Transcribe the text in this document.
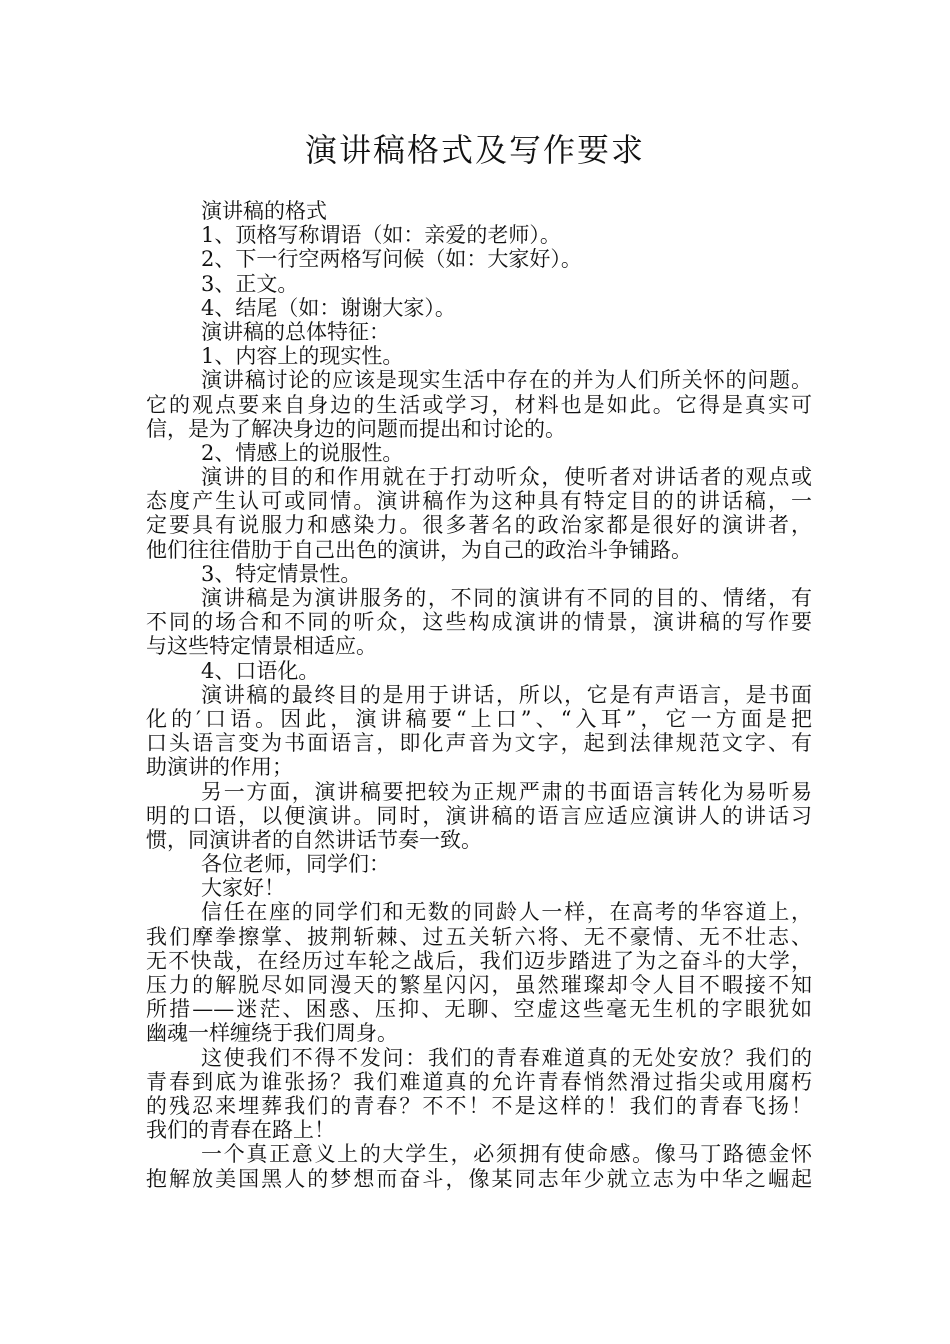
演讲稿格式及写作要求
演讲稿的格式
1、顶格写称谓语（如：亲爱的老师）。
2、下一行空两格写问候（如：大家好）。
3、正文。
4、结尾（如：谢谢大家）。
演讲稿的总体特征：
1、内容上的现实性。
演讲稿讨论的应该是现实生活中存在的并为人们所关怀的问题。
它的观点要来自身边的生活或学习，材料也是如此。它得是真实可
信，是为了解决身边的问题而提出和讨论的。
2、情感上的说服性。
演讲的目的和作用就在于打动听众，使听者对讲话者的观点或
态度产生认可或同情。演讲稿作为这种具有特定目的的讲话稿，一
定要具有说服力和感染力。很多著名的政治家都是很好的演讲者，
他们往往借肋于自己出色的演讲，为自己的政治斗争铺路。
3、特定情景性。
演讲稿是为演讲服务的，不同的演讲有不同的目的、情绪，有
不同的场合和不同的听众，这些构成演讲的情景，演讲稿的写作要
与这些特定情景相适应。
4、口语化。
演讲稿的最终目的是用于讲话，所以，它是有声语言，是书面
化的′口语。因此，演讲稿要“上口”、“入耳”，它一方面是把
口头语言变为书面语言，即化声音为文字，起到法律规范文字、有
助演讲的作用；
另一方面，演讲稿要把较为正规严肃的书面语言转化为易听易
明的口语，以便演讲。同时，演讲稿的语言应适应演讲人的讲话习
惯，同演讲者的自然讲话节奏一致。
各位老师，同学们：
大家好！
信任在座的同学们和无数的同龄人一样，在高考的华容道上，
我们摩拳擦掌、披荆斩棘、过五关斩六将、无不豪情、无不壮志、
无不快哉，在经历过车轮之战后，我们迈步踏进了为之奋斗的大学，
压力的解脱尽如同漫天的繁星闪闪，虽然璀璨却令人目不暇接不知
所措——迷茫、困惑、压抑、无聊、空虚这些毫无生机的字眼犹如
幽魂一样缠绕于我们周身。
这使我们不得不发问：我们的青春难道真的无处安放？我们的
青春到底为谁张扬？我们难道真的允许青春悄然滑过指尖或用腐朽
的残忍来埋葬我们的青春？不不！不是这样的！我们的青春飞扬！
我们的青春在路上！
一个真正意义上的大学生，必须拥有使命感。像马丁路德金怀
抱解放美国黑人的梦想而奋斗，像某同志年少就立志为中华之崛起
